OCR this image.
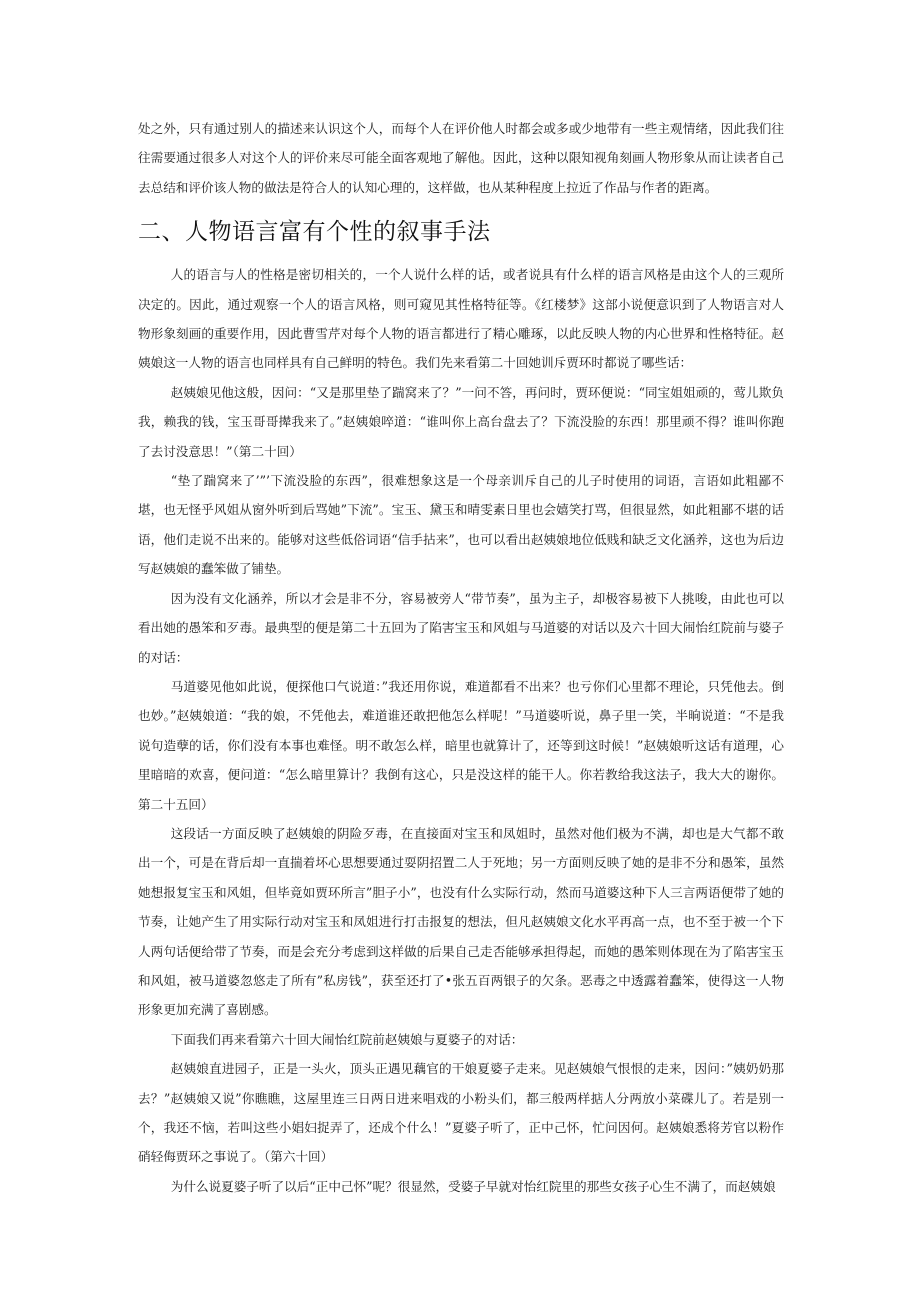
处之外，只有通过别人的描述来认识这个人，而每个人在评价他人时都会或多或少地带有一些主观情绪，因此我们往往需要通过很多人对这个人的评价来尽可能全面客观地了解他。因此，这种以限知视角刻画人物形象从而让读者自己去总结和评价该人物的做法是符合人的认知心理的，这样做，也从某种程度上拉近了作品与作者的距离。

二、人物语言富有个性的叙事手法

人的语言与人的性格是密切相关的，一个人说什么样的话，或者说具有什么样的语言风格是由这个人的三观所决定的。因此，通过观察一个人的语言风格，则可窥见其性格特征等。《红楼梦》这部小说便意识到了人物语言对人物形象刻画的重要作用，因此曹雪芹对每个人物的语言都进行了精心雕琢，以此反映人物的内心世界和性格特征。赵姨娘这一人物的语言也同样具有自己鲜明的特色。我们先来看第二十回她训斥贾环时都说了哪些话：

赵姨娘见他这般，因问：“又是那里垫了踹窝来了？”一问不答，再问时，贾环便说：“同宝姐姐顽的，莺儿欺负我，赖我的钱，宝玉哥哥撵我来了。”赵姨娘啐道：“谁叫你上高台盘去了？下流没脸的东西！那里顽不得？谁叫你跑了去讨没意思！”（第二十回）

“垫了踹窝来了’”’下流没脸的东西”，很难想象这是一个母亲训斥自己的儿子时使用的词语，言语如此粗鄙不堪，也无怪乎风姐从窗外听到后骂她”下流”。宝玉、黛玉和晴雯素日里也会嬉笑打骂，但很显然，如此粗鄙不堪的话语，他们走说不出来的。能够对这些低俗词语“信手拈来”，也可以看出赵姨娘地位低贱和缺乏文化涵养，这也为后边写赵姨娘的蠢笨做了铺垫。

因为没有文化涵养，所以才会是非不分，容易被旁人“带节奏”，虽为主子，却极容易被下人挑唆，由此也可以看出她的愚笨和歹毒。最典型的便是第二十五回为了陷害宝玉和风姐与马道婆的对话以及六十回大闹怡红院前与婆子的对话：

马道婆见他如此说，便探他口气说道：”我还用你说，难道都看不出来？也亏你们心里都不理论，只凭他去。倒也妙。”赵姨娘道：“我的娘，不凭他去，难道谁还敢把他怎么样呢！”马道婆听说，鼻子里一笑，半晌说道：“不是我说句造孽的话，你们没有本事也难怪。明不敢怎么样，暗里也就算计了，还等到这时候！”赵姨娘听这话有道理，心里暗暗的欢喜，便问道：“怎么暗里算计？我倒有这心，只是没这样的能干人。你若教给我这法子，我大大的谢你。第二十五回）

这段话一方面反映了赵姨娘的阴险歹毒，在直接面对宝玉和凤姐时，虽然对他们极为不满，却也是大气都不敢出一个，可是在背后却一直揣着坏心思想要通过耍阴招置二人于死地；另一方面则反映了她的是非不分和愚笨，虽然她想报复宝玉和风姐，但毕竟如贾环所言”胆子小”，也没有什么实际行动，然而马道婆这种下人三言两语便带了她的节奏，让她产生了用实际行动对宝玉和凤姐进行打击报复的想法，但凡赵姨娘文化水平再高一点，也不至于被一个下人两句话便给带了节奏，而是会充分考虑到这样做的后果自己走否能够承担得起，而她的愚笨则体现在为了陷害宝玉和风姐，被马道婆忽悠走了所有”私房钱”，获至还打了•张五百两银子的欠条。恶毒之中透露着蠢笨，使得这一人物形象更加充满了喜剧感。

下面我们再来看第六十回大闹怡红院前赵姨娘与夏婆子的对话：

赵姨娘直进园子，正是一头火，顶头正遇见藕官的干娘夏婆子走来。见赵姨娘气恨恨的走来，因问：”姨奶奶那去？”赵姨娘又说”你瞧瞧，这屋里连三日两日进来唱戏的小粉头们，都三般两样掂人分两放小菜碟儿了。若是别一个，我还不恼，若叫这些小娼妇捉弄了，还成个什么！”夏婆子听了，正中己怀，忙问因何。赵姨娘悉将芳官以粉作硝轻侮贾环之事说了。（第六十回）

为什么说夏婆子听了以后“正中己怀”呢？很显然，受婆子早就对怡红院里的那些女孩子心生不满了，而赵姨娘
